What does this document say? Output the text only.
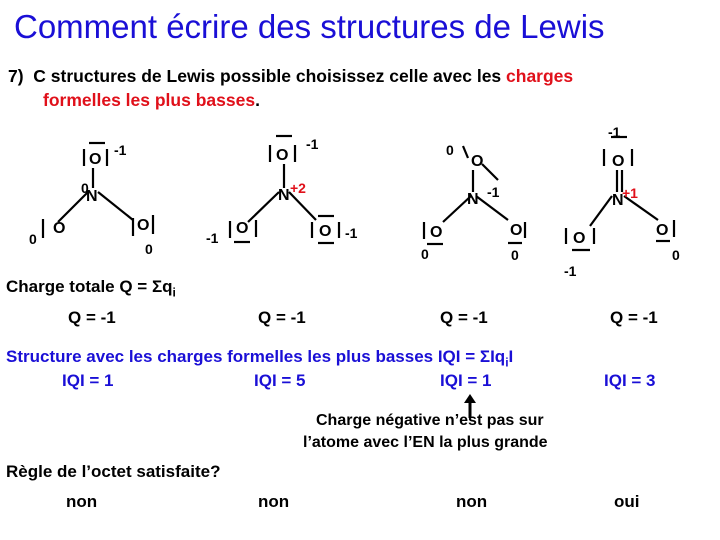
Comment écrire des structures de Lewis
7) C structures de Lewis possible choisissez celle avec les charges
formelles les plus basses.
O
N
O	O
O
N
O	O
O
N
O	O
O
N
O	O
-1
0
0
0
-1
+2
-1	-1
0
-1
0	0
-1
+1
-1
0
Charge totale $Q = \Sigma q_i$
Q = -1	Q = -1	Q = -1	Q = -1
Structure avec les charges formelles les plus basses IQI = ΣIq$_i$I
IQI = 1	IQI = 5	IQI = 1	IQI = 3
Charge négative n’est pas sur
l’atome avec l’EN la plus grande
Règle de l’octet satisfaite?
non	non	non	oui
